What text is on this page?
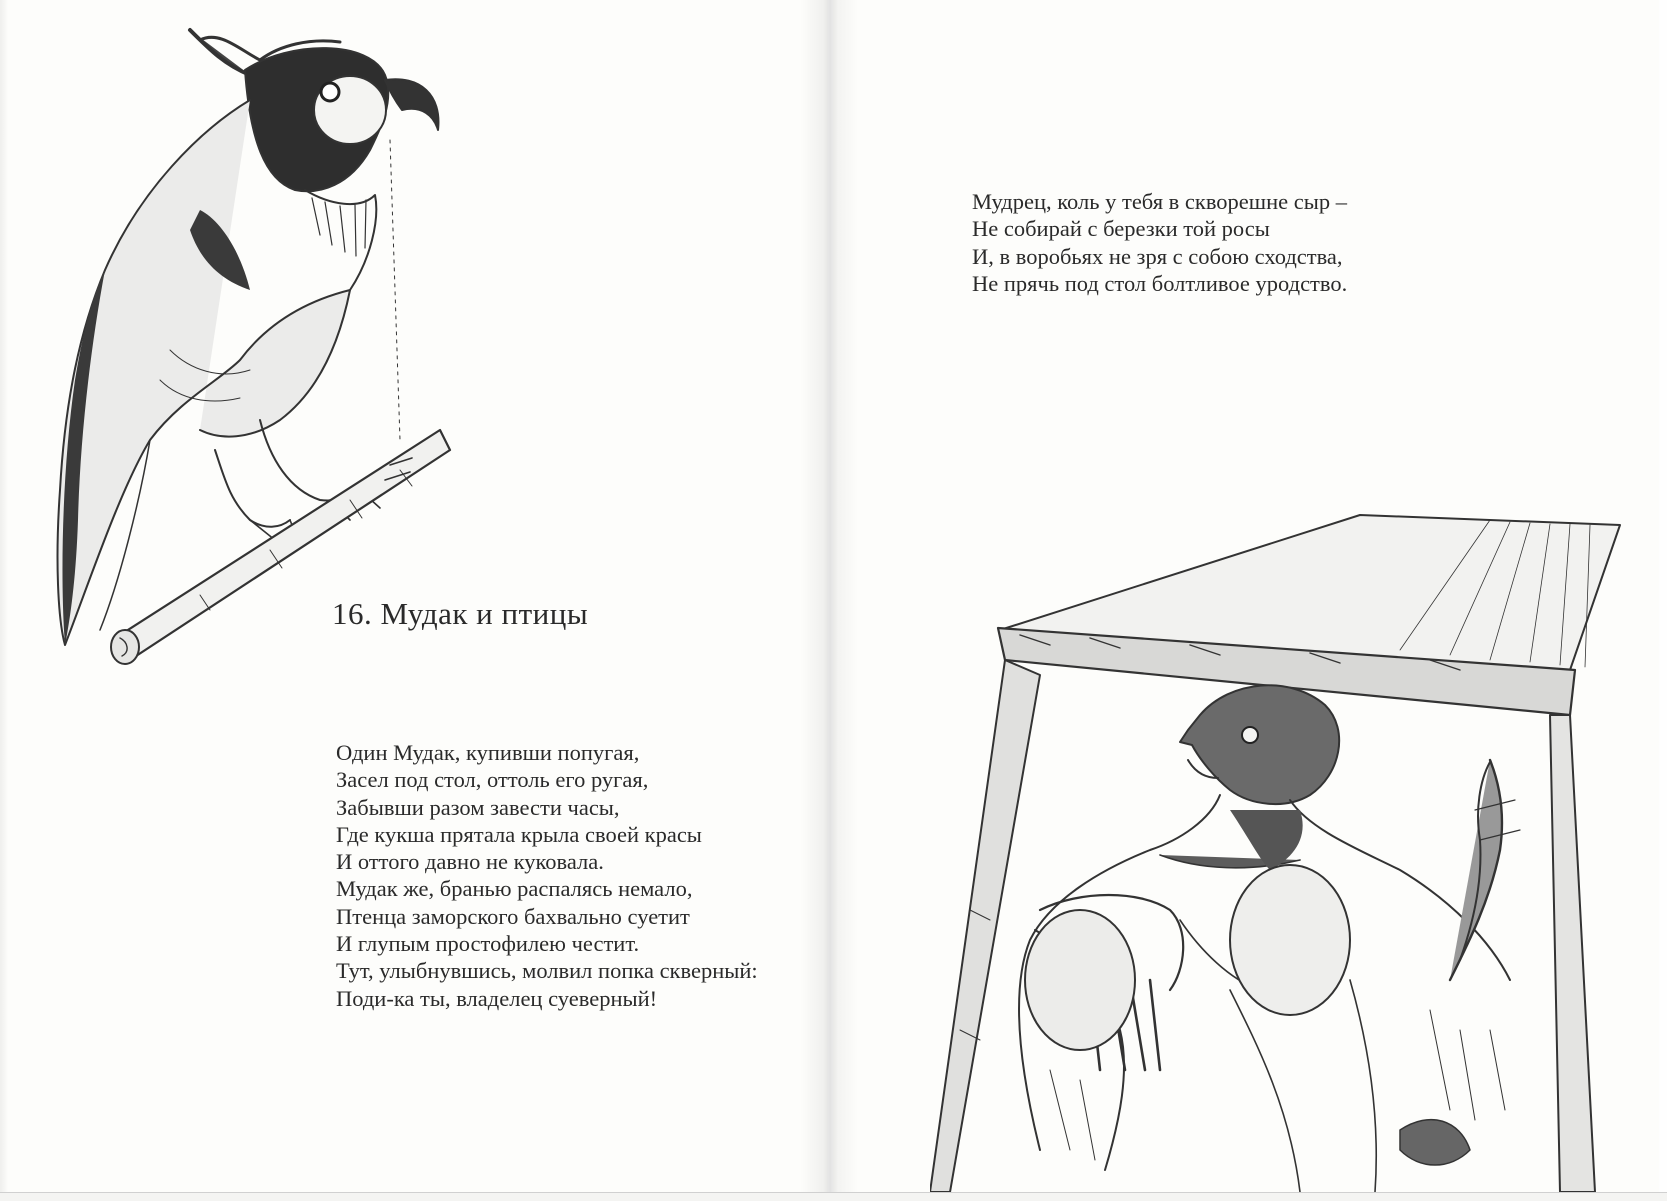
16. Мудак и птицы
Один Мудак, купивши попугая,
Засел под стол, оттоль его ругая,
Забывши разом завести часы,
Где кукша прятала крыла своей красы
И оттого давно не куковала.
Мудак же, бранью распалясь немало,
Птенца заморского бахвально суетит
И глупым простофилею честит.
Тут, улыбнувшись, молвил попка скверный:
Поди-ка ты, владелец суеверный!
Мудрец, коль у тебя в скворешне сыр –
Не собирай с березки той росы
И, в воробьях не зря с собою сходства,
Не прячь под стол болтливое уродство.
